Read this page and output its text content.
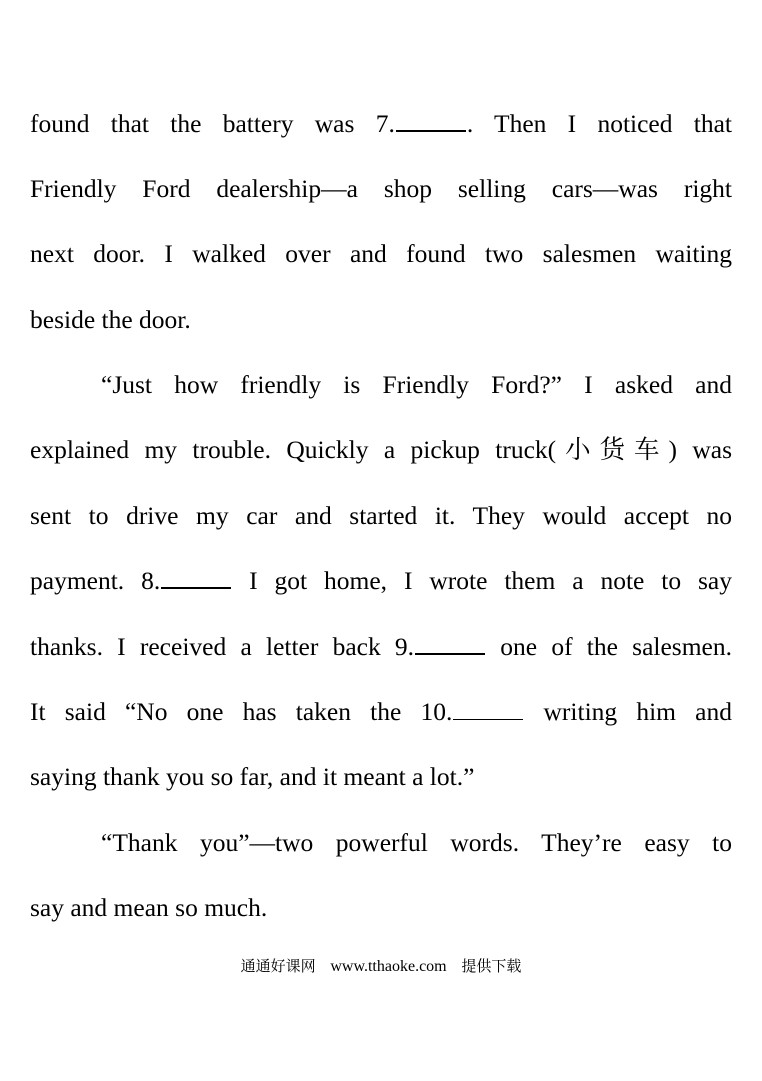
found that the battery was 7.	. Then I noticed that
Friendly Ford dealership—a shop selling cars—was right
next door. I walked over and found two salesmen waiting
beside the door.
“Just how friendly is Friendly Ford?” I asked and
explained my trouble. Quickly a pickup truck(小货车) was
sent to drive my car and started it. They would accept no
payment. 8.	I got home, I wrote them a note to say
thanks. I received a letter back 9.	one of the salesmen.
It said “No one has taken the 10.	writing him and
saying thank you so far, and it meant a lot.”
“Thank you”—two powerful words. They’re easy to
say and mean so much.
通通好课网 www.tthaoke.com 提供下载
